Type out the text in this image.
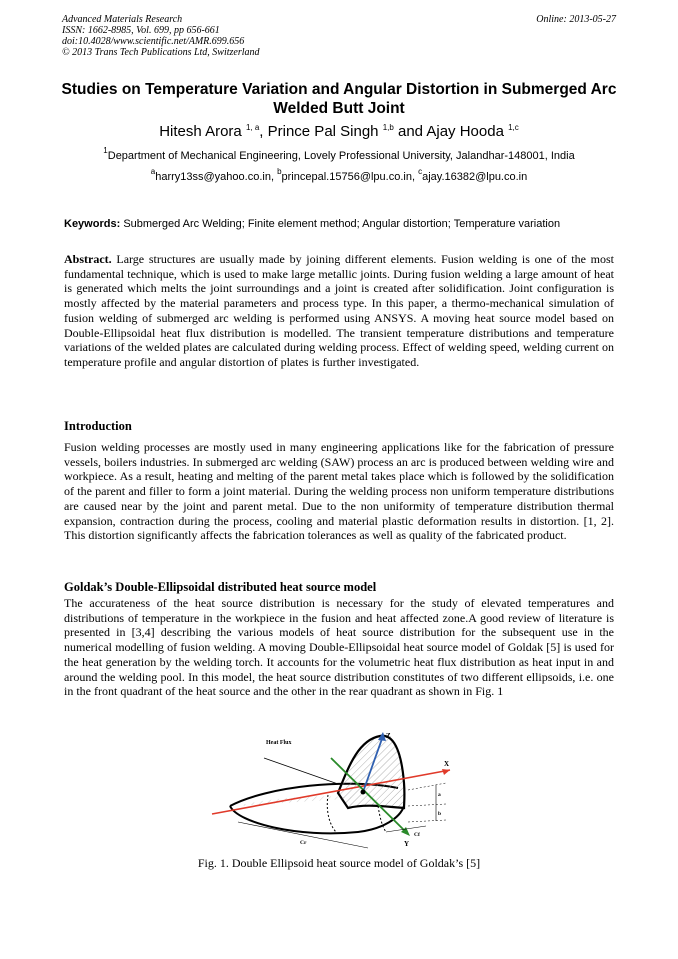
Advanced Materials Research
ISSN: 1662-8985, Vol. 699, pp 656-661
doi:10.4028/www.scientific.net/AMR.699.656
© 2013 Trans Tech Publications Ltd, Switzerland
Online: 2013-05-27
Studies on Temperature Variation and Angular Distortion in Submerged Arc Welded Butt Joint
Hitesh Arora $^{1, a}$, Prince Pal Singh $^{1,b}$ and Ajay Hooda $^{1,c}$
$^1$Department of Mechanical Engineering, Lovely Professional University, Jalandhar-148001, India
$^a$harry13ss@yahoo.co.in, $^b$princepal.15756@lpu.co.in, $^c$ajay.16382@lpu.co.in

Keywords: Submerged Arc Welding; Finite element method; Angular distortion; Temperature variation

Abstract. Large structures are usually made by joining different elements. Fusion welding is one of the most fundamental technique, which is used to make large metallic joints. During fusion welding a large amount of heat is generated which melts the joint surroundings and a joint is created after solidification. Joint configuration is mostly affected by the material parameters and process type. In this paper, a thermo-mechanical simulation of fusion welding of submerged arc welding is performed using ANSYS. A moving heat source model based on Double-Ellipsoidal heat flux distribution is modelled. The transient temperature distributions and temperature variations of the welded plates are calculated during welding process. Effect of welding speed, welding current on temperature profile and angular distortion of plates is further investigated.

Introduction

Fusion welding processes are mostly used in many engineering applications like for the fabrication of pressure vessels, boilers industries. In submerged arc welding (SAW) process an arc is produced between welding wire and workpiece. As a result, heating and melting of the parent metal takes place which is followed by the solidification of the parent and filler to form a joint material. During the welding process non uniform temperature distributions are caused near by the joint and parent metal. Due to the non uniformity of temperature distribution thermal expansion, contraction during the process, cooling and material plastic deformation results in distortion. [1, 2]. This distortion significantly affects the fabrication tolerances as well as quality of the fabricated product.

Goldak’s Double-Ellipsoidal distributed heat source model

The accurateness of the heat source distribution is necessary for the study of elevated temperatures and distributions of temperature in the workpiece in the fusion and heat affected zone.A good review of literature is presented in [3,4] describing the various models of heat source distribution for the subsequent use in the numerical modelling of fusion welding. A moving Double-Ellipsoidal heat source model of Goldak [5] is used for the heat generation by the welding torch. It accounts for the volumetric heat flux distribution as heat input in and around the welding pool. In this model, the heat source distribution constitutes of two different ellipsoids, i.e. one in the front quadrant of the heat source and the other in the rear quadrant as shown in Fig. 1

Heat Flux
Z
X
Y
a
b
Cf
Cr
Fig. 1. Double Ellipsoid heat source model of Goldak’s [5]
